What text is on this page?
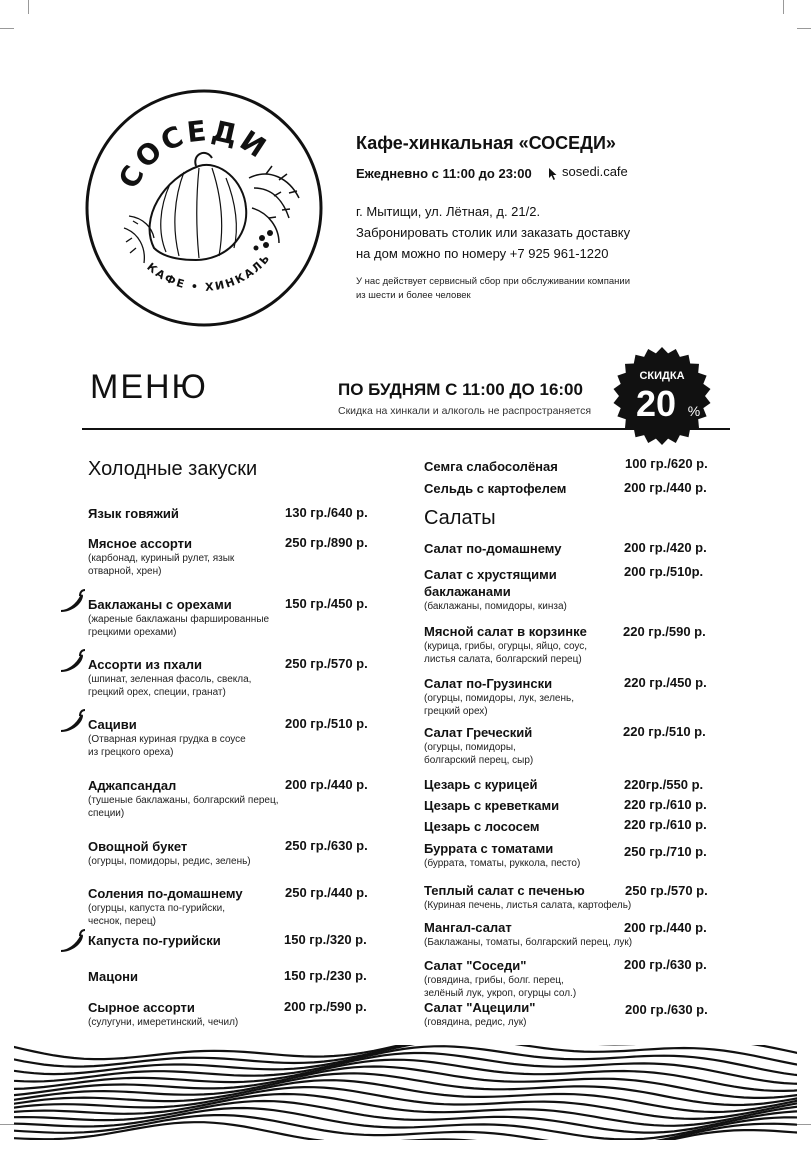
СОСЕДИ
КАФЕ • ХИНКАЛЬ
Кафе-хинкальная «СОСЕДИ»
Ежедневно с 11:00 до 23:00 sosedi.cafe
г. Мытищи, ул. Лётная, д. 21/2.
Забронировать столик или заказать доставку
на дом можно по номеру +7 925 961-1220
У нас действует сервисный сбор при обслуживании компании
из шести и более человек
МЕНЮ	ПО БУДНЯМ С 11:00 ДО 16:00
Скидка на хинкали и алкоголь не распространяется
СКИДКА
20 %
Холодные закуски
Салаты
Язык говяжий	130 гр./640 р.
Мясное ассорти
(карбонад, куриный рулет, язык
отварной, хрен)
250 гр./890 р.
Баклажаны с орехами
(жареные баклажаны фаршированные
грецкими орехами)
150 гр./450 р.
Ассорти из пхали
(шпинат, зеленная фасоль, свекла,
грецкий орех, специи, гранат)
250 гр./570 р.
Сациви
(Отварная куриная грудка в соусе
из грецкого ореха)
200 гр./510 р.
Аджапсандал
(тушеные баклажаны, болгарский перец,
специи)
200 гр./440 р.
Овощной букет
(огурцы, помидоры, редис, зелень)
250 гр./630 р.
Соления по-домашнему
(огурцы, капуста по-гурийски,
чеснок, перец)
250 гр./440 р.
Капуста по-гурийски	150 гр./320 р.
Мацони	150 гр./230 р.
Сырное ассорти
(сулугуни, имеретинский, чечил)
200 гр./590 р.
Семга слабосолёная	100 гр./620 р.
Сельдь с картофелем	200 гр./440 р.
Салат по-домашнему	200 гр./420 р.
Салат с хрустящими
баклажанами
(баклажаны, помидоры, кинза)
200 гр./510р.
Мясной салат в корзинке
(курица, грибы, огурцы, яйцо, соус,
листья салата, болгарский перец)
220 гр./590 р.
Салат по-Грузински
(огурцы, помидоры, лук, зелень,
грецкий орех)
220 гр./450 р.
Салат Греческий
(огурцы, помидоры,
болгарский перец, сыр)
220 гр./510 р.
Цезарь с курицей	220гр./550 р.
Цезарь с креветками	220 гр./610 р.
Цезарь с лососем	220 гр./610 р.
Буррата с томатами
(буррата, томаты, руккола, песто)
250 гр./710 р.
Теплый салат с печенью
(Куриная печень, листья салата, картофель)
250 гр./570 р.
Мангал-салат
(Баклажаны, томаты, болгарский перец, лук)
200 гр./440 р.
Салат "Соседи"
(говядина, грибы, болг. перец,
зелёный лук, укроп, огурцы сол.)
200 гр./630 р.
Салат "Ацецили"
(говядина, редис, лук)
200 гр./630 р.
